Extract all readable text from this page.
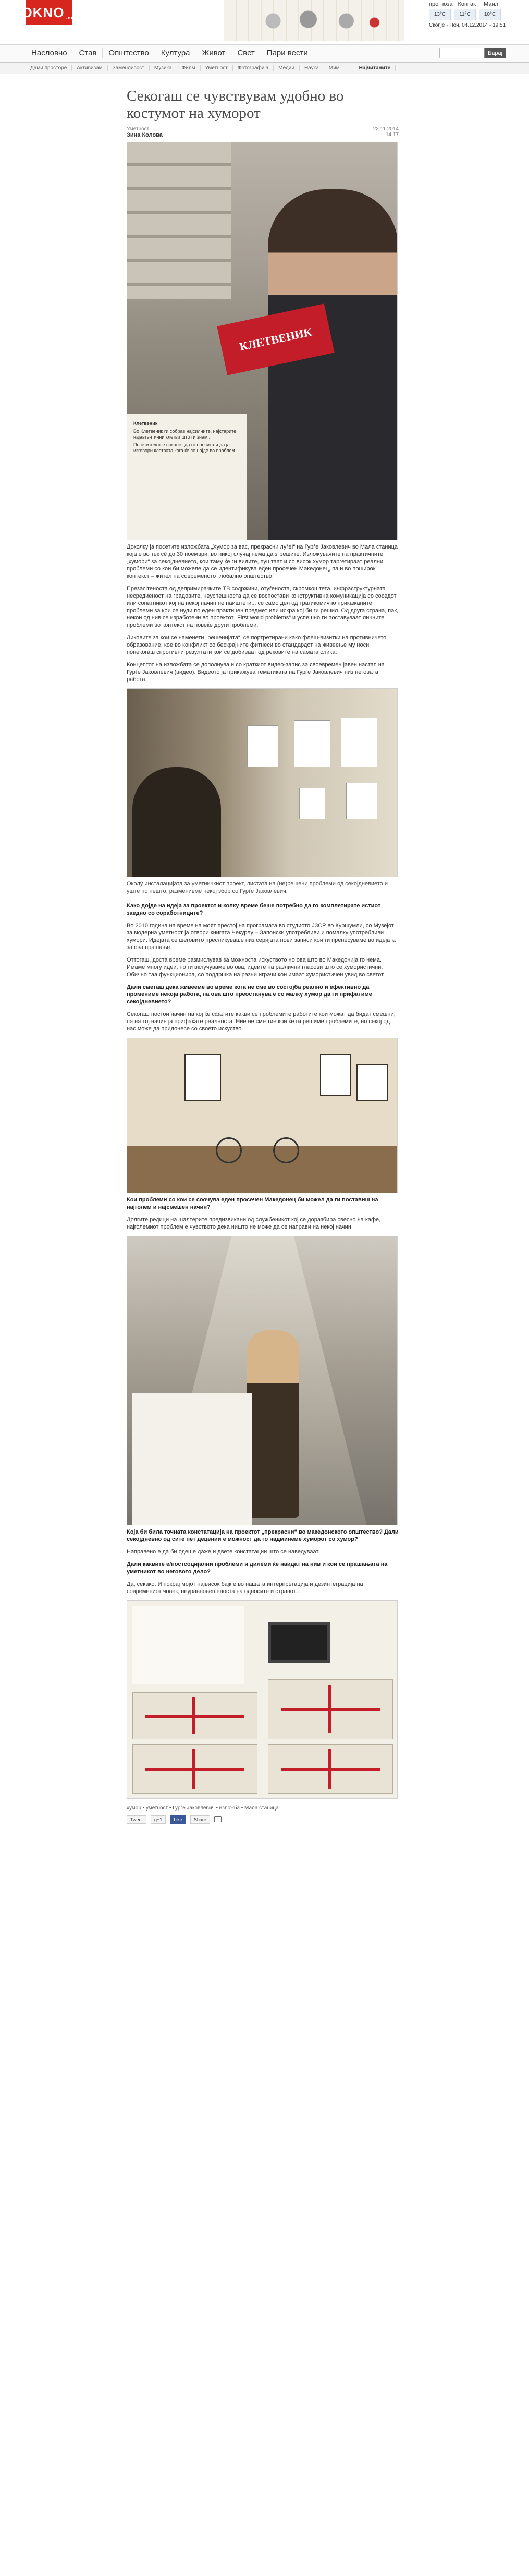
OKNO .net
прогноза Контакт Маил
13°C	11°C	10°C
Скопје - Пон, 04.12.2014 - 19:51
Насловно	Став	Општество	Култура	Живот	Свет	Пари вести	Барај
Дами просторе	Активизам	Заменливост	Музика	Филм	Уметност	Фотографија	Медии	Наука	Мим	Најчитаните
Секогаш се чувствувам удобно во костумот на хуморот
Уметност
Зина Колова
22.11.2014
14:17
КЛЕТВЕНИК
Клетвеник
Во Клетвеник ги собрав најсилните, најстарите, најавтентични клетви што ги знам...
Посетителот е поканет да го прочита и да ја изговори клетвата кога ќе се најде во проблем.

Доколку ја посетите изложбата „Хумор за вас, прекрасни луѓе!“ на Гурѓе Јаковлевич во Мала станица која е во тек сè до 30 ноември, во никој случај нема да згрешите. Изложувачите на практичните „хумори“ за секојдневието, кои таму ќе ги видите, пуштаат и со висок хумор таргетираат реални проблеми со кои би можеле да се идентификува еден просечен Македонец, па и во поширок контекст – жител на современото глобално општество.

Презасітеноста од депримирачките ТВ содржини, отуѓеноста, скромкоштета, инфраструктурната несредиеност на градовите, неуспешноста да се воспостави конструктивна комуникација со соседот или сопатникот кој на некој начин не наиштети... се само дел од трагикомично прикажаните проблеми за кои се нуди по еден практичен предмет или искра кој би ги решил. Од друга страна, пак, некои од нив се изработени во проектот „First world problems“ и успешно ги поставуваат личните проблеми во контекст на повеќе други проблеми.

Ликовите за кои се наменети „решенијата“, се портретирани како флеш-визитки на противничето образование, кое во конфликт со бескрајните фитнеси во стандардот на живеење му носи понекогаш спротивни резултати кои се добиваат од рековите на самата слика.

Концептот на изложбата се дополнува и со краткиот видео-запис за своевремен јавен настап на Гурѓе Јаковлевич (видео). Видеото ја прикажува тематиката на Гурѓе Јаковлевич низ неговата работа.

Околу инсталацијата за уметничкиот проект, листата на (не)решени проблеми од секојдневието и уште по нешто, разменивме некој збор со Гурѓе Јаковлевич.

Како дојде на идеја за проектот и колку време беше потребно да го комплетирате истиот заедно со соработниците?

Во 2010 година на време на моят престој на програмата во студиото ЈЗСР во Куршумли, со Музејот за модерна уметност ја отвори книгата Чекурлу – Запонски употребливи и помалку употребливи хумори. Идејата се шеговито пресликуваше низ серијата нови записи кои ги пренесуваме во идејата за ова прашање.

Оттогаш, доста време размислував за можноста искуството но ова што во Македонија го нема. Имаме многу идеи, но ги вклучуваме во ова, идеите на различни гласови што се хумористични. Обично таа функционира, со поддршка на разни играчи кои имаат хумористичен увид во светот.

Дали сметаш дека живееме во време кога не сме во состојба реално и ефективно да промениме некоја работа, па ова што преостанува е со малку хумор да ги прифатиме секојдневието?

Секогаш постои начин на кој ќе сфатите какви се проблемите работите кои можат да бидат смешни, па на тој начин ја прифаќате реалноста. Ние не сме тие кои ќе ги решиме проблемите, но секој од нас може да придонесе со своето искуство.

Кои проблеми со кои се соочува еден просечен Македонец би можел да ги поставиш на најголем и најсмешен начин?

Долгите редици на шалтерите предизвикани од службеникот кој се доразбира свесно на кафе, најголемиот проблем е чувството дека ништо не може да се направи на некој начин.

Која би била точната констатација на проектот „прекрасни“ во македонското општество? Дали секојдневно од сите пет децении е можност да го надминеме хуморот со хумор?

Направено е да би одеше даже и двете констатации што се наведуваат.

Дали каквите е/постсоцијални проблеми и дилеми ќе наидат на нив и кои се прашањата на уметникот во неговото дело?

Да, секако. И покрај мојот највисок бајк е во нашата интерпретација и дезинтеграција на современиот човек, неуравновешеноста на односите и стравот...

хумор • уметност • Гурѓе Јаковлевич • изложба • Мала станица
Tweet	g+1	Like	Share
